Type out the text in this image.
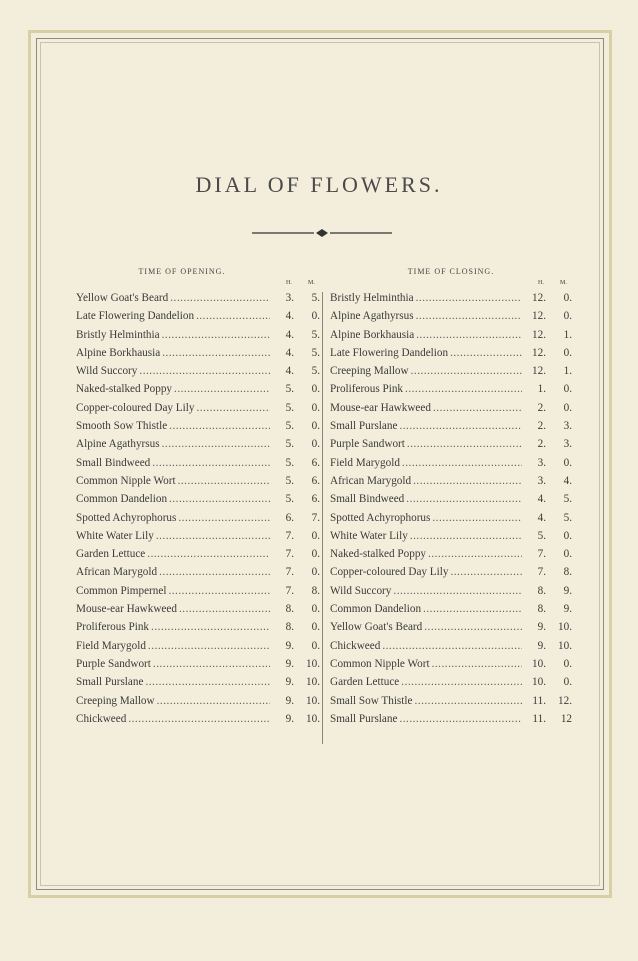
DIAL OF FLOWERS.
TIME OF OPENING.
H.	M.
Yellow Goat's Beard .....	3.	5.
Late Flowering Dandelion .....	4.	0.
Bristly Helminthia .....	4.	5.
Alpine Borkhausia .....	4.	5.
Wild Succory .....	4.	5.
Naked-stalked Poppy .....	5.	0.
Copper-coloured Day Lily .....	5.	0.
Smooth Sow Thistle .....	5.	0.
Alpine Agathyrsus .....	5.	0.
Small Bindweed .....	5.	6.
Common Nipple Wort .....	5.	6.
Common Dandelion .....	5.	6.
Spotted Achyrophorus .....	6.	7.
White Water Lily .....	7.	0.
Garden Lettuce .....	7.	0.
African Marygold .....	7.	0.
Common Pimpernel .....	7.	8.
Mouse-ear Hawkweed .....	8.	0.
Proliferous Pink .....	8.	0.
Field Marygold .....	9.	0.
Purple Sandwort .....	9.	10.
Small Purslane .....	9.	10.
Creeping Mallow .....	9.	10.
Chickweed .....	9.	10.
TIME OF CLOSING.
H.	M.
Bristly Helminthia .....	12.	0.
Alpine Agathyrsus .....	12.	0.
Alpine Borkhausia .....	12.	1.
Late Flowering Dandelion .....	12.	0.
Creeping Mallow .....	12.	1.
Proliferous Pink .....	1.	0.
Mouse-ear Hawkweed .....	2.	0.
Small Purslane .....	2.	3.
Purple Sandwort .....	2.	3.
Field Marygold .....	3.	0.
African Marygold .....	3.	4.
Small Bindweed .....	4.	5.
Spotted Achyrophorus .....	4.	5.
White Water Lily .....	5.	0.
Naked-stalked Poppy .....	7.	0.
Copper-coloured Day Lily .....	7.	8.
Wild Succory .....	8.	9.
Common Dandelion .....	8.	9.
Yellow Goat's Beard .....	9.	10.
Chickweed .....	9.	10.
Common Nipple Wort .....	10.	0.
Garden Lettuce .....	10.	0.
Small Sow Thistle .....	11.	12.
Small Purslane .....	11.	12
